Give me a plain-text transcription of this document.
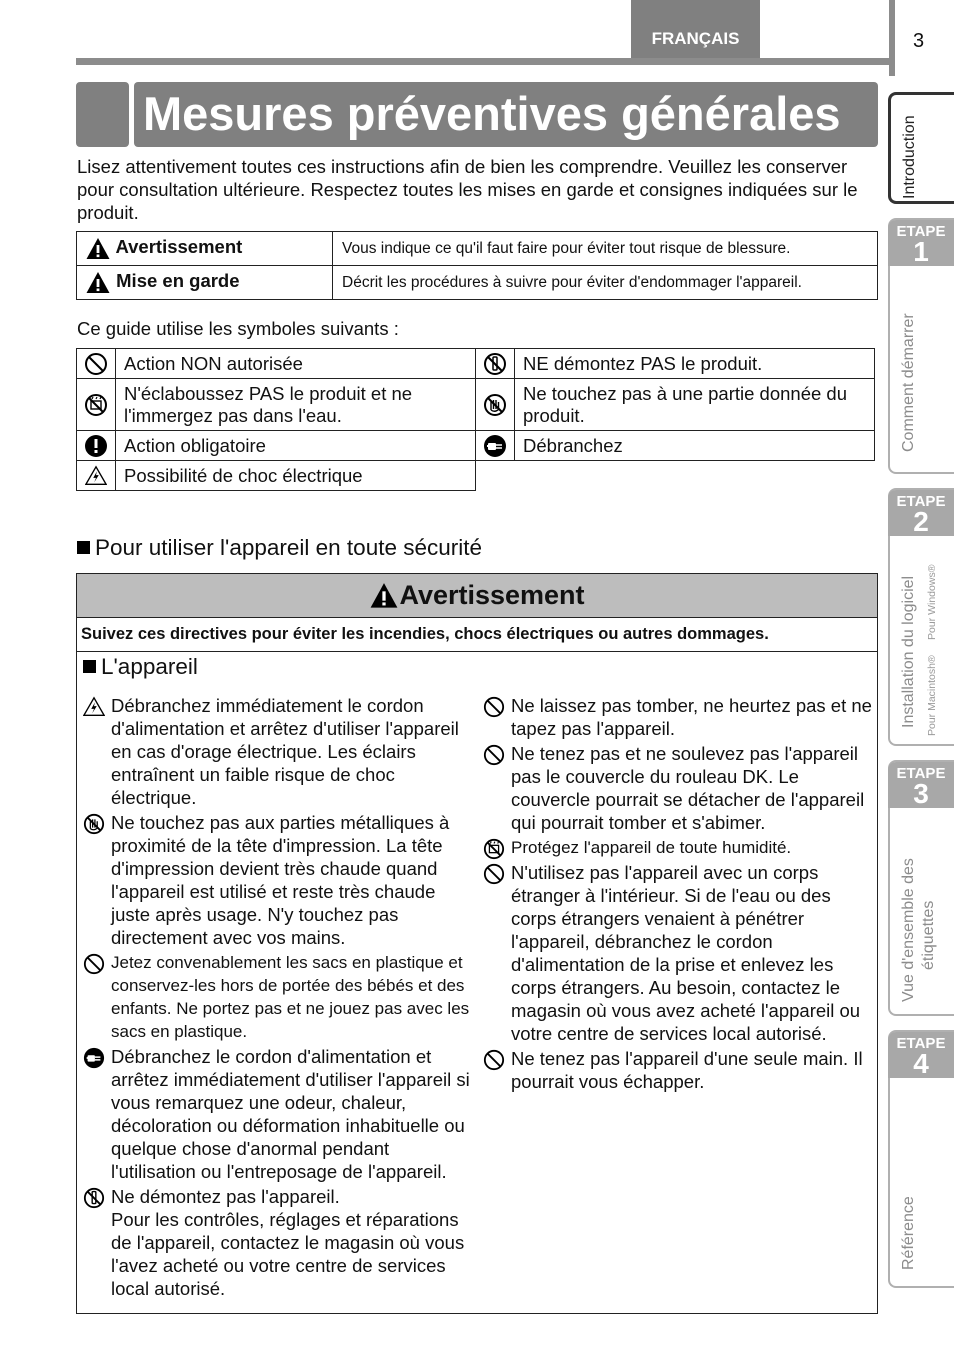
FRANÇAIS	3
Mesures préventives générales

Lisez attentivement toutes ces instructions afin de bien les comprendre. Veuillez les conserver pour consultation ultérieure. Respectez toutes les mises en garde et consignes indiquées sur le produit.

Avertissement	Vous indique ce qu'il faut faire pour éviter tout risque de blessure.
Mise en garde	Décrit les procédures à suivre pour éviter d'endommager l'appareil.
Ce guide utilise les symboles suivants :
	Action NON autorisée		NE démontez PAS le produit.
	N'éclaboussez PAS le produit et ne l'immergez pas dans l'eau.		Ne touchez pas à une partie donnée du produit.
	Action obligatoire		Débranchez
	Possibilité de choc électrique		
Pour utiliser l'appareil en toute sécurité
Avertissement
Suivez ces directives pour éviter les incendies, chocs électriques ou autres dommages.
L'appareil
Débranchez immédiatement le cordon d'alimentation et arrêtez d'utiliser l'appareil en cas d'orage électrique. Les éclairs entraînent un faible risque de choc électrique.
Ne touchez pas aux parties métalliques à proximité de la tête d'impression. La tête d'impression devient très chaude quand l'appareil est utilisé et reste très chaude juste après usage. N'y touchez pas directement avec vos mains.
Jetez convenablement les sacs en plastique et conservez-les hors de portée des bébés et des enfants. Ne portez pas et ne jouez pas avec les sacs en plastique.
Débranchez le cordon d'alimentation et arrêtez immédiatement d'utiliser l'appareil si vous remarquez une odeur, chaleur, décoloration ou déformation inhabituelle ou quelque chose d'anormal pendant l'utilisation ou l'entreposage de l'appareil.
Ne démontez pas l'appareil.
Pour les contrôles, réglages et réparations de l'appareil, contactez le magasin où vous l'avez acheté ou votre centre de services local autorisé.
Ne laissez pas tomber, ne heurtez pas et ne tapez pas l'appareil.
Ne tenez pas et ne soulevez pas l'appareil pas le couvercle du rouleau DK. Le couvercle pourrait se détacher de l'appareil qui pourrait tomber et s'abimer.
Protégez l'appareil de toute humidité.
N'utilisez pas l'appareil avec un corps étranger à l'intérieur. Si de l'eau ou des corps étrangers venaient à pénétrer l'appareil, débranchez le cordon d'alimentation de la prise et enlevez les corps étrangers. Au besoin, contactez le magasin où vous avez acheté l'appareil ou votre centre de services local autorisé.
Ne tenez pas l'appareil d'une seule main. Il pourrait vous échapper.
Introduction
ETAPE
1
Comment démarrer
ETAPE
2
Installation du logiciel Pour Windows®
Pour Macintosh®
ETAPE
3
Vue d'ensemble des étiquettes
ETAPE
4
Référence
